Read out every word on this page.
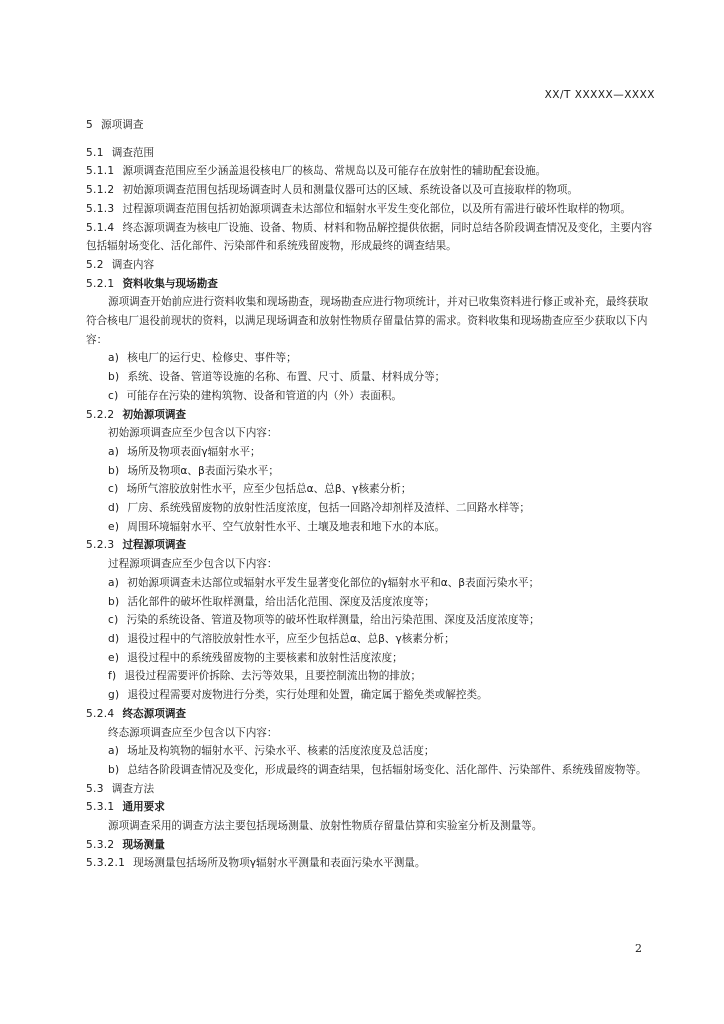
XX/T XXXXX—XXXX
5 源项调查
5.1 调查范围
5.1.1 源项调查范围应至少涵盖退役核电厂的核岛、常规岛以及可能存在放射性的辅助配套设施。
5.1.2 初始源项调查范围包括现场调查时人员和测量仪器可达的区域、系统设备以及可直接取样的物项。
5.1.3 过程源项调查范围包括初始源项调查未达部位和辐射水平发生变化部位，以及所有需进行破坏性取样的物项。
5.1.4 终态源项调查为核电厂设施、设备、物质、材料和物品解控提供依据，同时总结各阶段调查情况及变化，主要内容包括辐射场变化、活化部件、污染部件和系统残留废物，形成最终的调查结果。
5.2 调查内容
5.2.1 资料收集与现场勘查
源项调查开始前应进行资料收集和现场勘查，现场勘查应进行物项统计，并对已收集资料进行修正或补充，最终获取符合核电厂退役前现状的资料，以满足现场调查和放射性物质存留量估算的需求。资料收集和现场勘查应至少获取以下内容：
a) 核电厂的运行史、检修史、事件等；
b) 系统、设备、管道等设施的名称、布置、尺寸、质量、材料成分等；
c) 可能存在污染的建构筑物、设备和管道的内（外）表面积。
5.2.2 初始源项调查
初始源项调查应至少包含以下内容：
a) 场所及物项表面γ辐射水平；
b) 场所及物项α、β表面污染水平；
c) 场所气溶胶放射性水平，应至少包括总α、总β、γ核素分析；
d) 厂房、系统残留废物的放射性活度浓度，包括一回路冷却剂样及渣样、二回路水样等；
e) 周围环境辐射水平、空气放射性水平、土壤及地表和地下水的本底。
5.2.3 过程源项调查
过程源项调查应至少包含以下内容：
a) 初始源项调查未达部位或辐射水平发生显著变化部位的γ辐射水平和α、β表面污染水平；
b) 活化部件的破坏性取样测量，给出活化范围、深度及活度浓度等；
c) 污染的系统设备、管道及物项等的破坏性取样测量，给出污染范围、深度及活度浓度等；
d) 退役过程中的气溶胶放射性水平，应至少包括总α、总β、γ核素分析；
e) 退役过程中的系统残留废物的主要核素和放射性活度浓度；
f) 退役过程需要评价拆除、去污等效果，且要控制流出物的排放；
g) 退役过程需要对废物进行分类，实行处理和处置，确定属于豁免类或解控类。
5.2.4 终态源项调查
终态源项调查应至少包含以下内容：
a) 场址及构筑物的辐射水平、污染水平、核素的活度浓度及总活度；
b) 总结各阶段调查情况及变化，形成最终的调查结果，包括辐射场变化、活化部件、污染部件、系统残留废物等。
5.3 调查方法
5.3.1 通用要求
源项调查采用的调查方法主要包括现场测量、放射性物质存留量估算和实验室分析及测量等。
5.3.2 现场测量
5.3.2.1 现场测量包括场所及物项γ辐射水平测量和表面污染水平测量。
2
